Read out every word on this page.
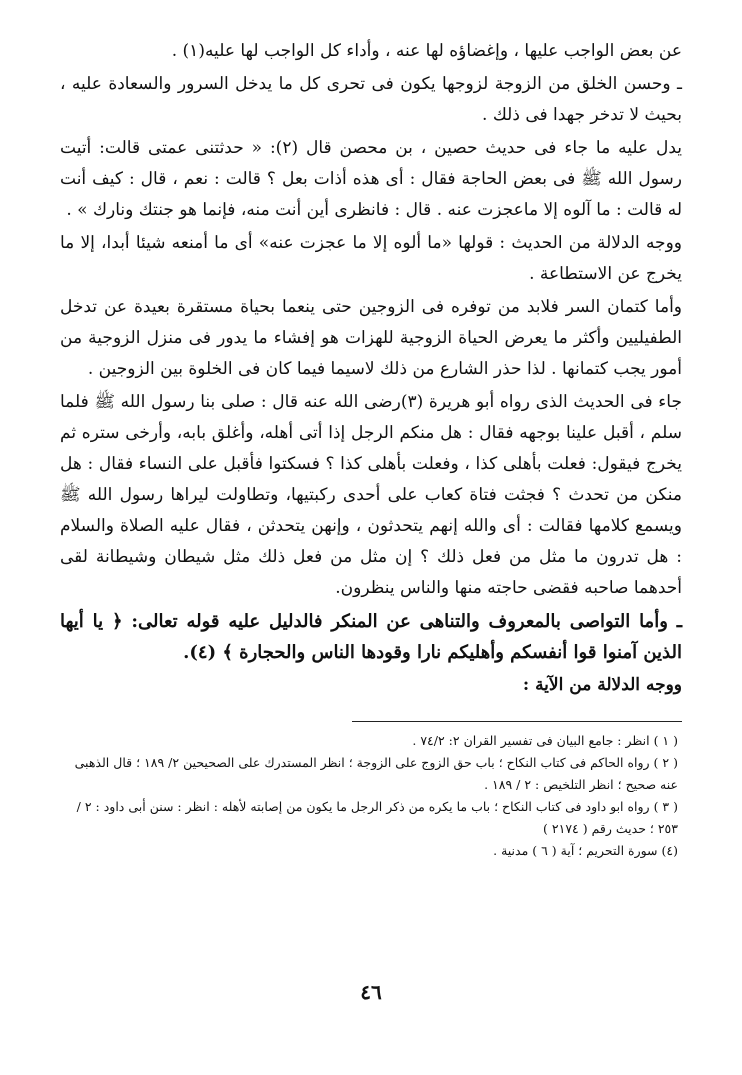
عن بعض الواجب عليها ، وإغضاؤه لها عنه ، وأداء كل الواجب لها عليه(١) .

ـ وحسن الخلق من الزوجة لزوجها يكون فى تحرى كل ما يدخل السرور والسعادة عليه ، بحيث لا تدخر جهدا فى ذلك .

يدل عليه ما جاء فى حديث حصين ، بن محصن قال (٢): « حدثتنى عمتى قالت: أتيت رسول الله ﷺ فى بعض الحاجة فقال : أى هذه أذات بعل ؟ قالت : نعم ، قال : كيف أنت له قالت : ما آلوه إلا ماعجزت عنه . قال : فانظرى أين أنت منه، فإنما هو جنتك ونارك » .

ووجه الدلالة من الحديث : قولها «ما ألوه إلا ما عجزت عنه» أى ما أمنعه شيئا أبدا، إلا ما يخرج عن الاستطاعة .

وأما كتمان السر فلابد من توفره فى الزوجين حتى ينعما بحياة مستقرة بعيدة عن تدخل الطفيليين وأكثر ما يعرض الحياة الزوجية للهزات هو إفشاء ما يدور فى منزل الزوجية من أمور يجب كتمانها . لذا حذر الشارع من ذلك لاسيما فيما كان فى الخلوة بين الزوجين .

جاء فى الحديث الذى رواه أبو هريرة (٣)رضى الله عنه قال : صلى بنا رسول الله ﷺ فلما سلم ، أقبل علينا بوجهه فقال : هل منكم الرجل إذا أتى أهله، وأغلق بابه، وأرخى ستره ثم يخرج فيقول: فعلت بأهلى كذا ، وفعلت بأهلى كذا ؟ فسكتوا فأقبل على النساء فقال : هل منكن من تحدث ؟ فجثت فتاة كعاب على أحدى ركبتيها، وتطاولت ليراها رسول الله ﷺ ويسمع كلامها فقالت : أى والله إنهم يتحدثون ، وإنهن يتحدثن ، فقال عليه الصلاة والسلام : هل تدرون ما مثل من فعل ذلك ؟ إن مثل من فعل ذلك مثل شيطان وشيطانة لقى أحدهما صاحبه فقضى حاجته منها والناس ينظرون.

ـ وأما التواصى بالمعروف والتناهى عن المنكر فالدليل عليه قوله تعالى: ﴿ يا أيها الذين آمنوا قوا أنفسكم وأهليكم نارا وقودها الناس والحجارة ﴾ (٤).

ووجه الدلالة من الآية :

( ١ ) انظر : جامع البيان فى تفسير القران ٢: ٧٤/٢ .

( ٢ ) رواه الحاكم فى كتاب النكاح ؛ باب حق الزوج على الزوجة ؛ انظر المستدرك على الصحيحين ٢/ ١٨٩ ؛ قال الذهبى عنه صحيح ؛ انظر التلخيص : ٢ / ١٨٩ .

( ٣ ) رواه ابو داود فى كتاب النكاح ؛ باب ما يكره من ذكر الرجل ما يكون من إصابته لأهله : انظر : سنن أبى داود : ٢ / ٢٥٣ ؛ حديث رقم ( ٢١٧٤ )

(٤) سورة التحريم ؛ آية ( ٦ ) مدنية .

٤٦
